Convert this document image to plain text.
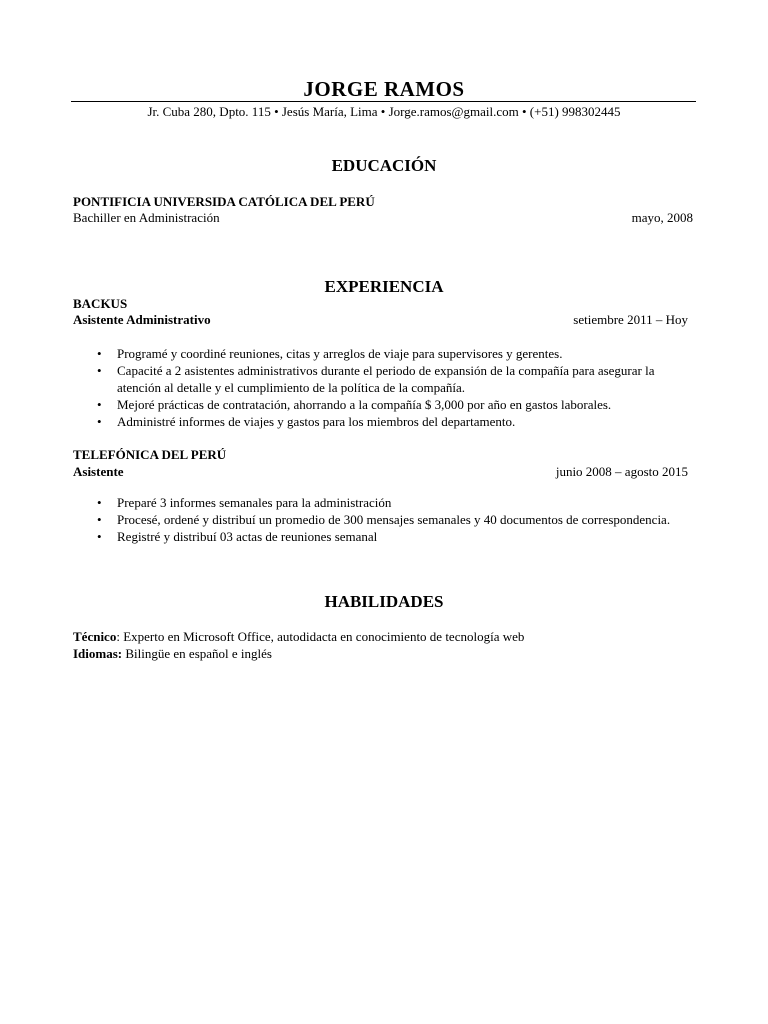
JORGE RAMOS
Jr. Cuba 280, Dpto. 115 • Jesús María, Lima • Jorge.ramos@gmail.com • (+51) 998302445
EDUCACIÓN
PONTIFICIA UNIVERSIDA CATÓLICA DEL PERÚ
Bachiller en Administración	mayo, 2008
EXPERIENCIA
BACKUS
Asistente Administrativo	setiembre 2011 – Hoy
• Programé y coordiné reuniones, citas y arreglos de viaje para supervisores y gerentes.
• Capacité a 2 asistentes administrativos durante el periodo de expansión de la compañía para asegurar la atención al detalle y el cumplimiento de la política de la compañía.
• Mejoré prácticas de contratación, ahorrando a la compañía $ 3,000 por año en gastos laborales.
• Administré informes de viajes y gastos para los miembros del departamento.
TELEFÓNICA DEL PERÚ
Asistente	junio 2008 – agosto 2015
• Preparé 3 informes semanales para la administración
• Procesé, ordené y distribuí un promedio de 300 mensajes semanales y 40 documentos de correspondencia.
• Registré y distribuí 03 actas de reuniones semanal
HABILIDADES
Técnico: Experto en Microsoft Office, autodidacta en conocimiento de tecnología web
Idiomas: Bilingüe en español e inglés
